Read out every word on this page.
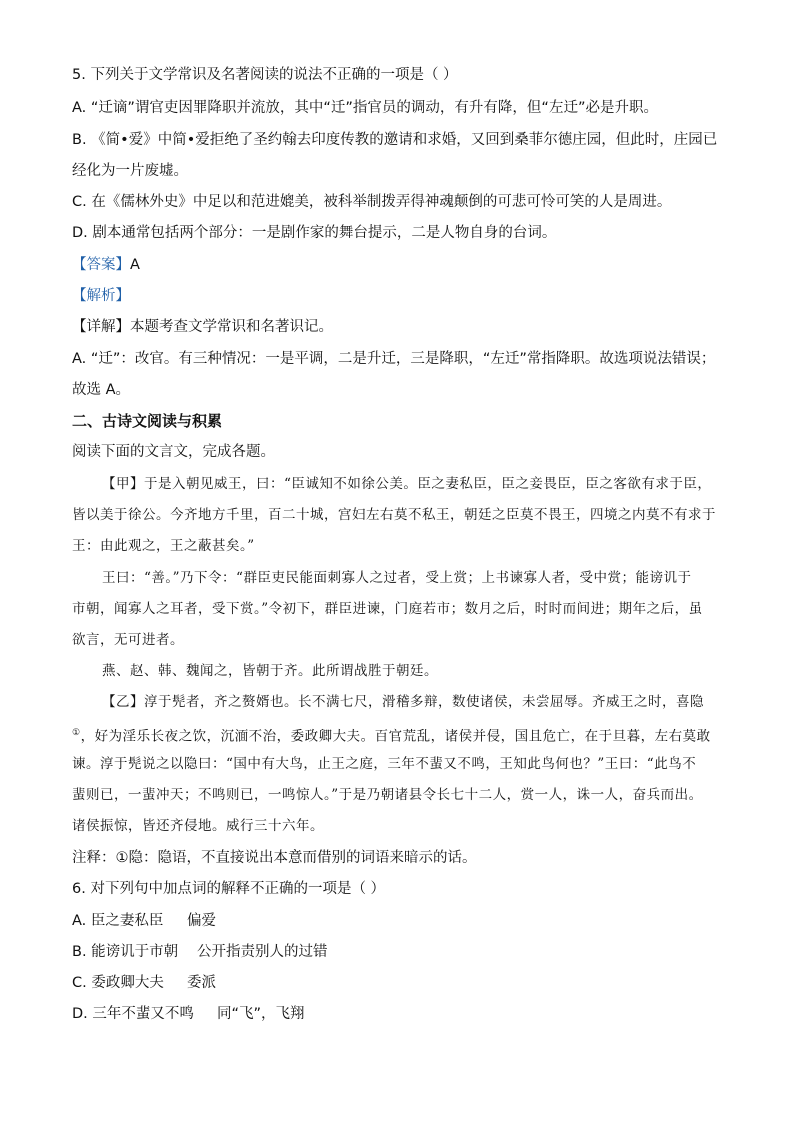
5. 下列关于文学常识及名著阅读的说法不正确的一项是（ ）
A. “迁谪”谓官吏因罪降职并流放，其中“迁”指官员的调动，有升有降，但“左迁”必是升职。
B. 《简•爱》中简•爱拒绝了圣约翰去印度传教的邀请和求婚，又回到桑菲尔德庄园，但此时，庄园已
经化为一片废墟。
C. 在《儒林外史》中足以和范进媲美，被科举制拨弄得神魂颠倒的可悲可怜可笑的人是周进。
D. 剧本通常包括两个部分：一是剧作家的舞台提示，二是人物自身的台词。
【答案】A
【解析】
【详解】本题考查文学常识和名著识记。
A. “迁”：改官。有三种情况：一是平调，二是升迁，三是降职，“左迁”常指降职。故选项说法错误；
故选 A。
二、古诗文阅读与积累
阅读下面的文言文，完成各题。
【甲】于是入朝见威王，曰：“臣诚知不如徐公美。臣之妻私臣，臣之妾畏臣，臣之客欲有求于臣，
皆以美于徐公。今齐地方千里，百二十城，宫妇左右莫不私王，朝廷之臣莫不畏王，四境之内莫不有求于
王：由此观之，王之蔽甚矣。”
王曰：“善。”乃下令：“群臣吏民能面刺寡人之过者，受上赏；上书谏寡人者，受中赏；能谤讥于
市朝，闻寡人之耳者，受下赏。”令初下，群臣进谏，门庭若市；数月之后，时时而间进；期年之后，虽
欲言，无可进者。
燕、赵、韩、魏闻之，皆朝于齐。此所谓战胜于朝廷。
【乙】淳于髡者，齐之赘婿也。长不满七尺，滑稽多辩，数使诸侯，未尝屈辱。齐威王之时，喜隐
①，好为淫乐长夜之饮，沉湎不治，委政卿大夫。百官荒乱，诸侯并侵，国且危亡，在于旦暮，左右莫敢
谏。淳于髡说之以隐曰：“国中有大鸟，止王之庭，三年不蜚又不鸣，王知此鸟何也？”王曰：“此鸟不
蜚则已，一蜚冲天；不鸣则已，一鸣惊人。”于是乃朝诸县令长七十二人，赏一人，诛一人，奋兵而出。
诸侯振惊，皆还齐侵地。威行三十六年。
注释：①隐：隐语，不直接说出本意而借别的词语来暗示的话。
6. 对下列句中加点词的解释不正确的一项是（ ）
A. 臣之妻私臣 偏爱
B. 能谤讥于市朝 公开指责别人的过错
C. 委政卿大夫 委派
D. 三年不蜚又不鸣 同“飞”，飞翔
